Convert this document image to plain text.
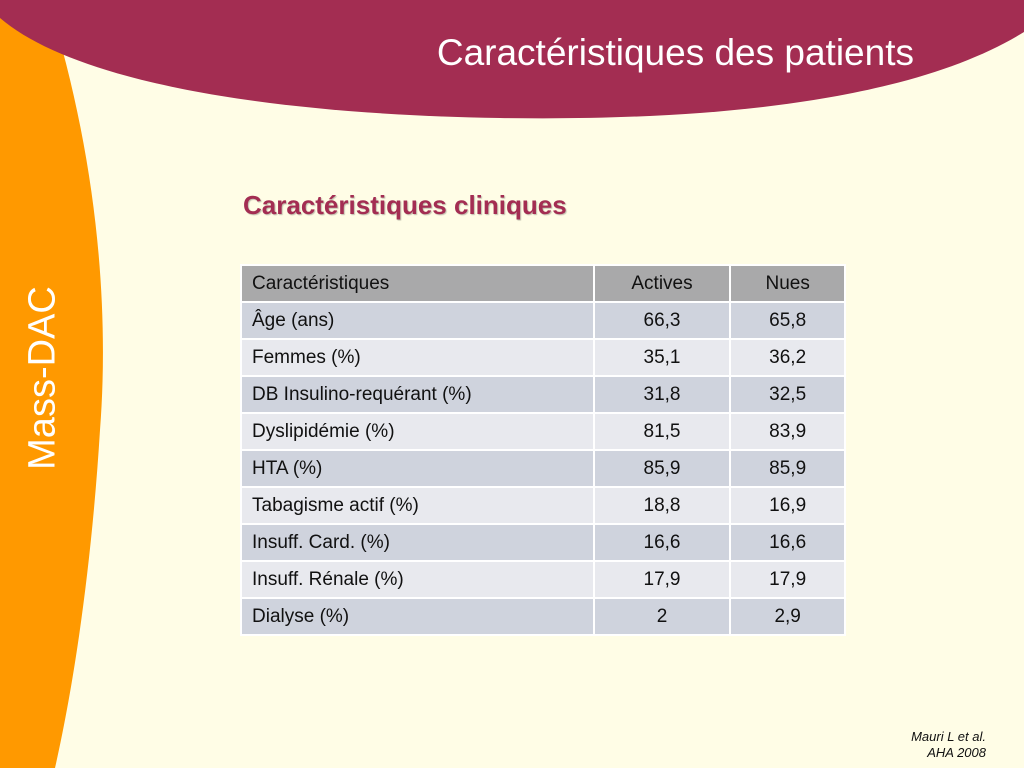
Mass-DAC
Caractéristiques des patients
Caractéristiques cliniques
Caractéristiques	Actives	Nues
Âge (ans)	66,3	65,8
Femmes (%)	35,1	36,2
DB Insulino-requérant (%)	31,8	32,5
Dyslipidémie (%)	81,5	83,9
HTA (%)	85,9	85,9
Tabagisme actif (%)	18,8	16,9
Insuff. Card. (%)	16,6	16,6
Insuff. Rénale (%)	17,9	17,9
Dialyse (%)	2	2,9
Mauri L et al.

AHA 2008
